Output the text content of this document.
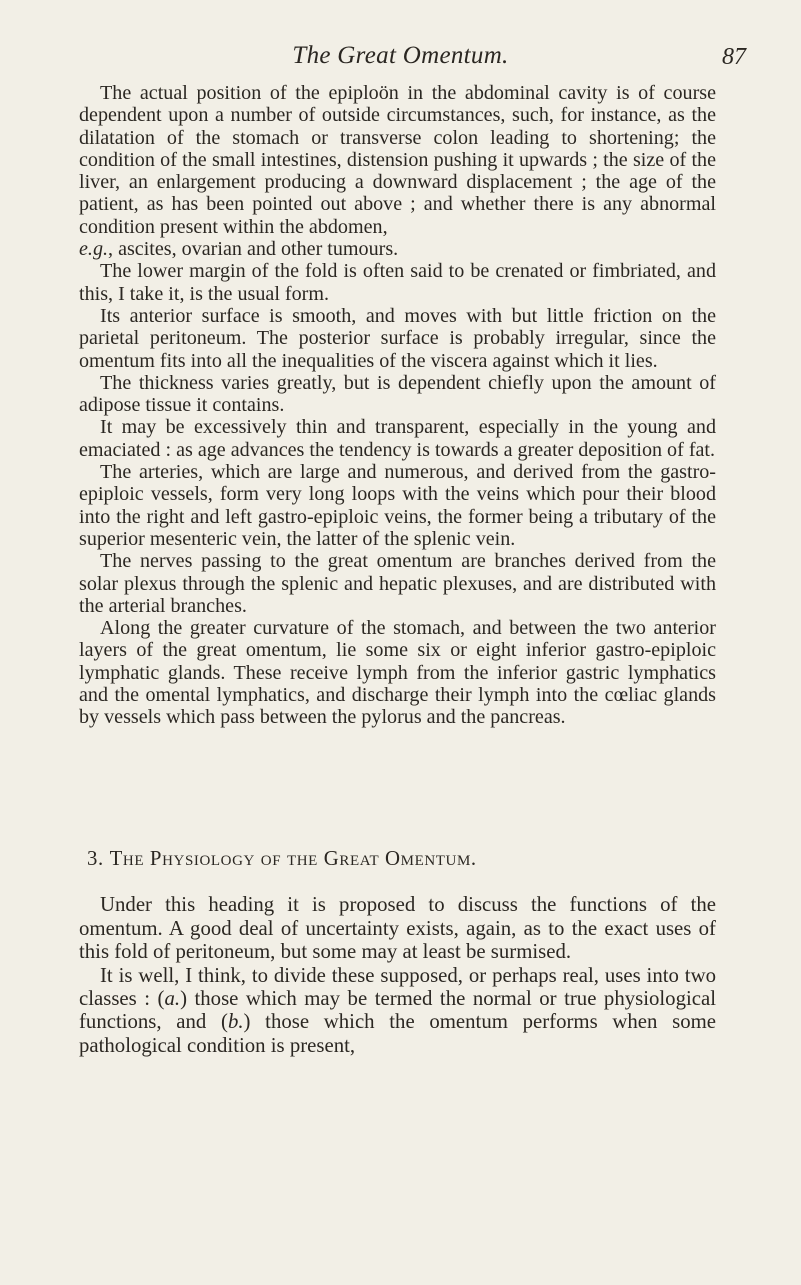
The Great Omentum.	87

The actual position of the epiploön in the abdominal cavity is of course dependent upon a number of outside circumstances, such, for instance, as the dilatation of the stomach or transverse colon leading to shortening; the condition of the small intestines, distension pushing it upwards ; the size of the liver, an enlargement producing a downward displacement ; the age of the patient, as has been pointed out above ; and whether there is any abnormal condition present within the abdomen,
e.g., ascites, ovarian and other tumours.

The lower margin of the fold is often said to be crenated or fimbriated, and this, I take it, is the usual form.

Its anterior surface is smooth, and moves with but little friction on the parietal peritoneum. The posterior surface is probably irregular, since the omentum fits into all the inequalities of the viscera against which it lies.

The thickness varies greatly, but is dependent chiefly upon the amount of adipose tissue it contains.

It may be excessively thin and transparent, especially in the young and emaciated : as age advances the tendency is towards a greater deposition of fat.

The arteries, which are large and numerous, and derived from the gastro-epiploic vessels, form very long loops with the veins which pour their blood into the right and left gastro-epiploic veins, the former being a tributary of the superior mesenteric vein, the latter of the splenic vein.

The nerves passing to the great omentum are branches derived from the solar plexus through the splenic and hepatic plexuses, and are distributed with the arterial branches.

Along the greater curvature of the stomach, and between the two anterior layers of the great omentum, lie some six or eight inferior gastro-epiploic lymphatic glands. These receive lymph from the inferior gastric lymphatics and the omental lymphatics, and discharge their lymph into the cœliac glands by vessels which pass between the pylorus and the pancreas.

3. The Physiology of the Great Omentum.

Under this heading it is proposed to discuss the functions of the omentum. A good deal of uncertainty exists, again, as to the exact uses of this fold of peritoneum, but some may at least be surmised.

It is well, I think, to divide these supposed, or perhaps real, uses into two classes : (a.) those which may be termed the normal or true physiological functions, and (b.) those which the omentum performs when some pathological condition is present,
